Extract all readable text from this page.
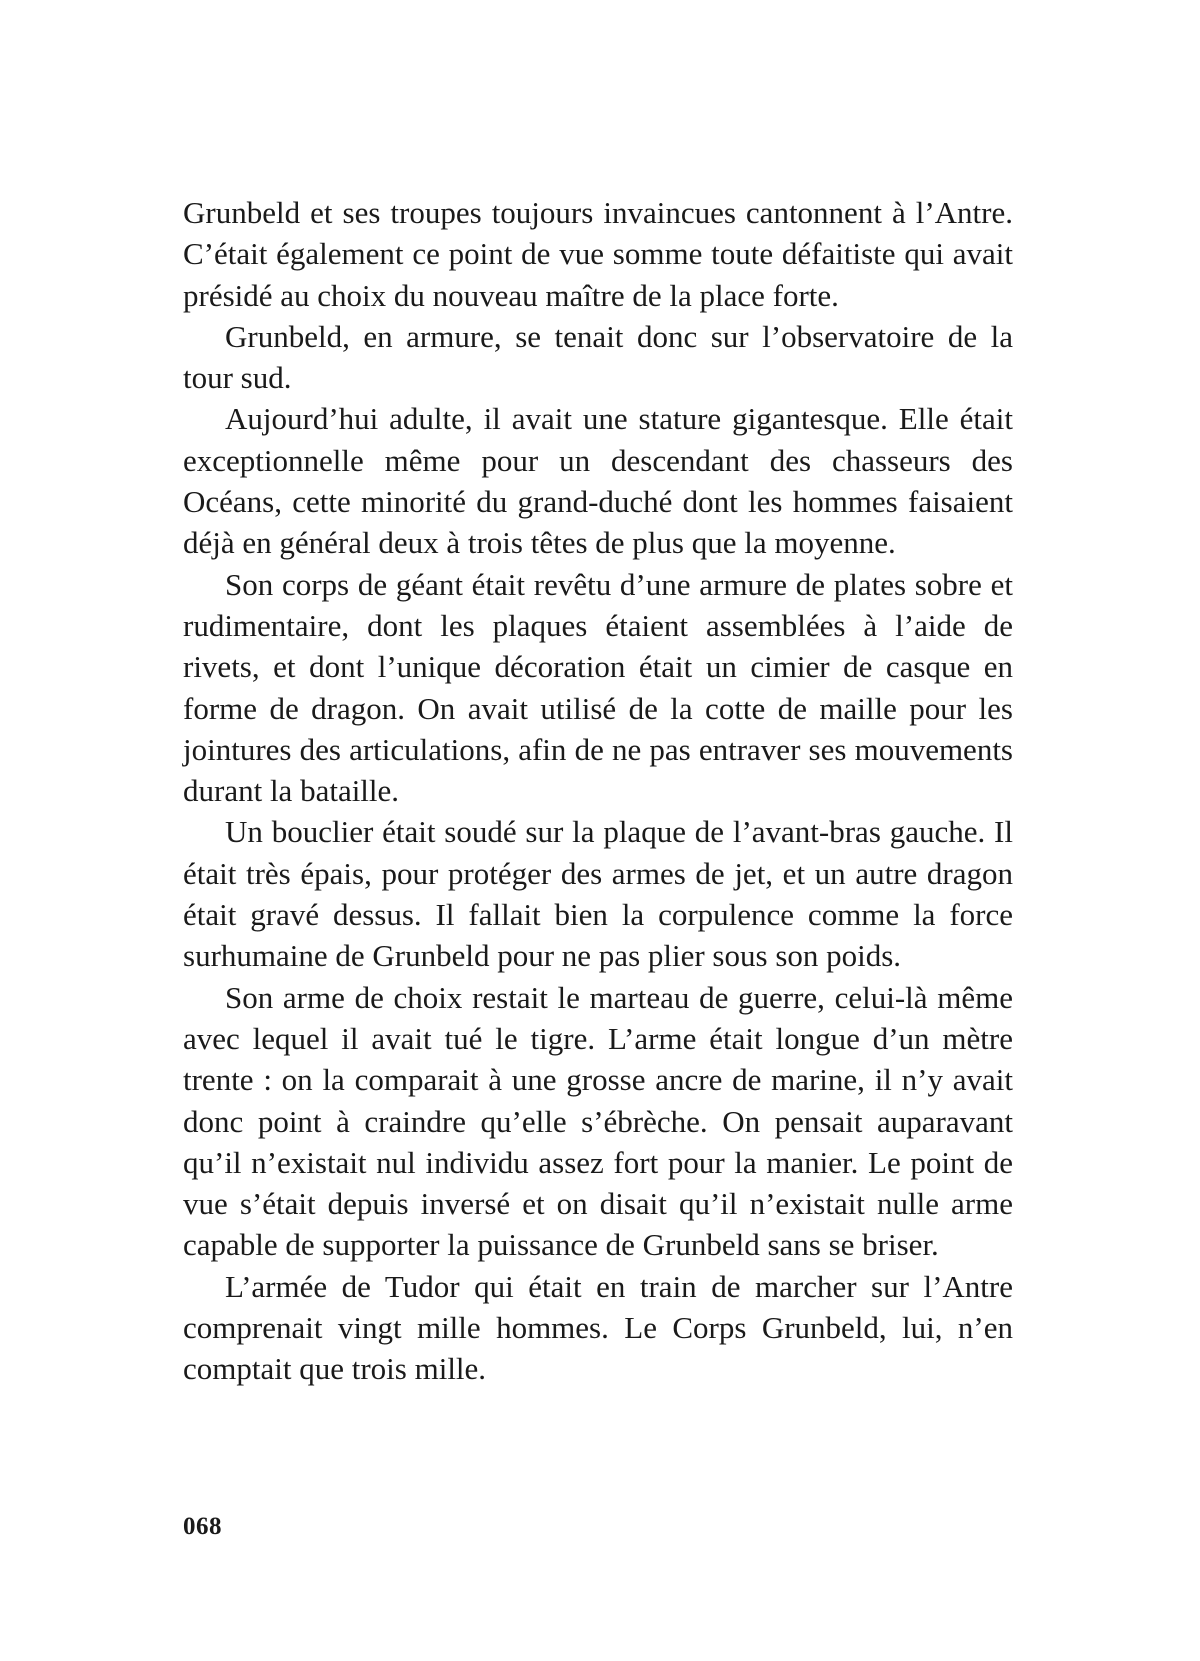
Grunbeld et ses troupes toujours invaincues cantonnent à l’Antre. C’était également ce point de vue somme toute défaitiste qui avait présidé au choix du nouveau maître de la place forte.

Grunbeld, en armure, se tenait donc sur l’observatoire de la tour sud.

Aujourd’hui adulte, il avait une stature gigantesque. Elle était exceptionnelle même pour un descendant des chasseurs des Océans, cette minorité du grand-duché dont les hommes faisaient déjà en général deux à trois têtes de plus que la moyenne.

Son corps de géant était revêtu d’une armure de plates sobre et rudimentaire, dont les plaques étaient assemblées à l’aide de rivets, et dont l’unique décoration était un cimier de casque en forme de dragon. On avait utilisé de la cotte de maille pour les jointures des articulations, afin de ne pas entraver ses mouvements durant la bataille.

Un bouclier était soudé sur la plaque de l’avant-bras gauche. Il était très épais, pour protéger des armes de jet, et un autre dragon était gravé dessus. Il fallait bien la corpulence comme la force surhumaine de Grunbeld pour ne pas plier sous son poids.

Son arme de choix restait le marteau de guerre, celui-là même avec lequel il avait tué le tigre. L’arme était longue d’un mètre trente : on la comparait à une grosse ancre de marine, il n’y avait donc point à craindre qu’elle s’ébrèche. On pensait auparavant qu’il n’existait nul individu assez fort pour la manier. Le point de vue s’était depuis inversé et on disait qu’il n’existait nulle arme capable de supporter la puissance de Grunbeld sans se briser.

L’armée de Tudor qui était en train de marcher sur l’Antre comprenait vingt mille hommes. Le Corps Grunbeld, lui, n’en comptait que trois mille.

068
